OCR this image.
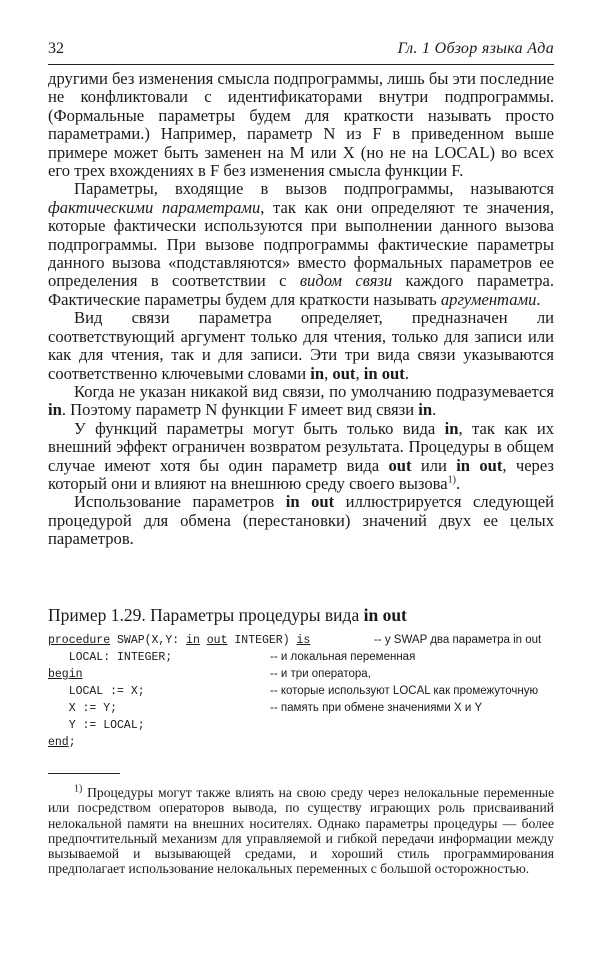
32	Гл. 1 Обзор языка Ада

другими без изменения смысла подпрограммы, лишь бы эти последние не конфликтовали с идентификаторами внутри подпрограммы. (Формальные параметры будем для краткости называть просто параметрами.) Например, параметр N из F в приведенном выше примере может быть заменен на M или X (но не на LOCAL) во всех его трех вхождениях в F без изменения смысла функции F.

Параметры, входящие в вызов подпрограммы, называются фактическими параметрами, так как они определяют те значения, которые фактически используются при выполнении данного вызова подпрограммы. При вызове подпрограммы фактические параметры данного вызова «подставляются» вместо формальных параметров ее определения в соответствии с видом связи каждого параметра. Фактические параметры будем для краткости называть аргументами.

Вид связи параметра определяет, предназначен ли соответствующий аргумент только для чтения, только для записи или как для чтения, так и для записи. Эти три вида связи указываются соответственно ключевыми словами in, out, in out.

Когда не указан никакой вид связи, по умолчанию подразумевается in. Поэтому параметр N функции F имеет вид связи in.

У функций параметры могут быть только вида in, так как их внешний эффект ограничен возвратом результата. Процедуры в общем случае имеют хотя бы один параметр вида out или in out, через который они и влияют на внешнюю среду своего вызова$^{1)}$.

Использование параметров in out иллюстрируется следующей процедурой для обмена (перестановки) значений двух ее целых параметров.

Пример 1.29. Параметры процедуры вида in out
procedure SWAP(X,Y: in out INTEGER) is	-- у SWAP два параметра in out
LOCAL: INTEGER;	-- и локальная переменная
begin	-- и три оператора,
LOCAL := X;	-- которые используют LOCAL как промежуточную
X := Y;	-- память при обмене значениями X и Y
Y := LOCAL;
end;

$^{1)}$ Процедуры могут также влиять на свою среду через нелокальные переменные или посредством операторов вывода, по существу играющих роль присваиваний нелокальной памяти на внешних носителях. Однако параметры процедуры — более предпочтительный механизм для управляемой и гибкой передачи информации между вызываемой и вызывающей средами, и хороший стиль программирования предполагает использование нелокальных переменных с большой осторожностью.
